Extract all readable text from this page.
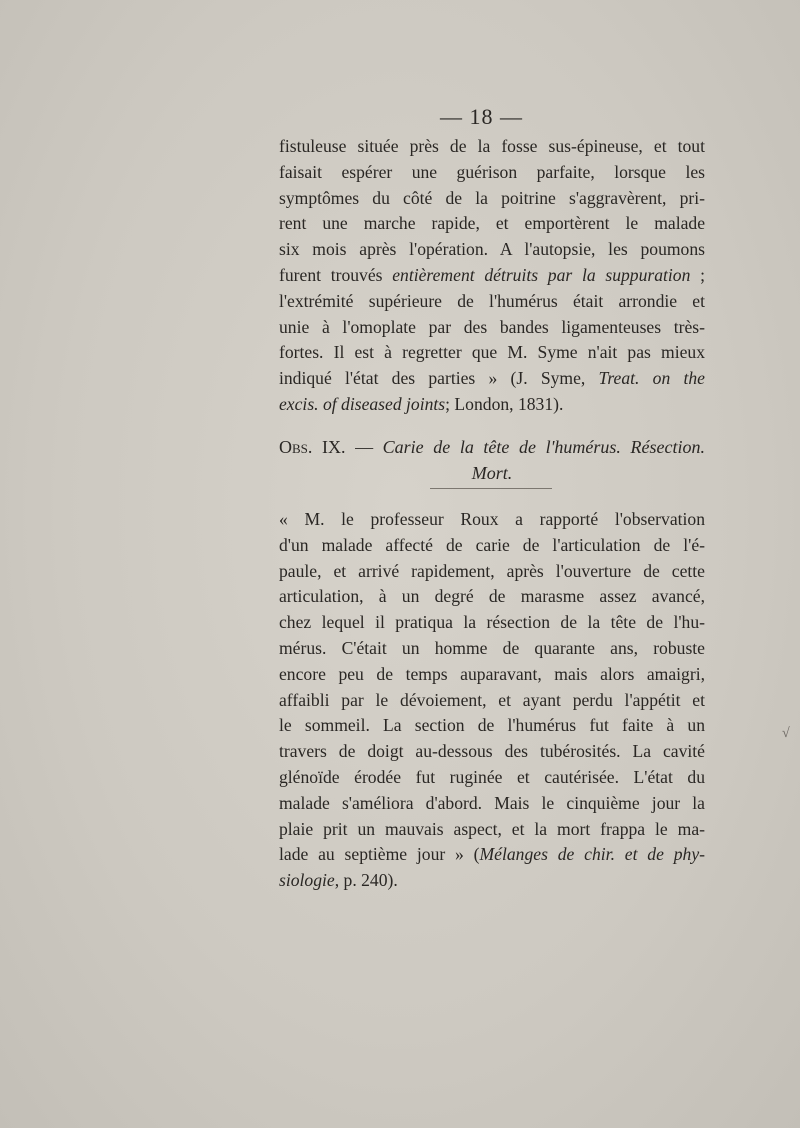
— 18 —
fistuleuse située près de la fosse sus-épineuse, et tout
faisait espérer une guérison parfaite, lorsque les
symptômes du côté de la poitrine s'aggravèrent, pri-
rent une marche rapide, et emportèrent le malade
six mois après l'opération. A l'autopsie, les poumons
furent trouvés entièrement détruits par la suppuration ;
l'extrémité supérieure de l'humérus était arrondie et
unie à l'omoplate par des bandes ligamenteuses très-
fortes. Il est à regretter que M. Syme n'ait pas mieux
indiqué l'état des parties » (J. Syme, Treat. on the
excis. of diseased joints; London, 1831).
Obs. IX. — Carie de la tête de l'humérus. Résection.
Mort.
« M. le professeur Roux a rapporté l'observation
d'un malade affecté de carie de l'articulation de l'é-
paule, et arrivé rapidement, après l'ouverture de cette
articulation, à un degré de marasme assez avancé,
chez lequel il pratiqua la résection de la tête de l'hu-
mérus. C'était un homme de quarante ans, robuste
encore peu de temps auparavant, mais alors amaigri,
affaibli par le dévoiement, et ayant perdu l'appétit et
le sommeil. La section de l'humérus fut faite à un
travers de doigt au-dessous des tubérosités. La cavité
glénoïde érodée fut ruginée et cautérisée. L'état du
malade s'améliora d'abord. Mais le cinquième jour la
plaie prit un mauvais aspect, et la mort frappa le ma-
lade au septième jour » (Mélanges de chir. et de phy-
siologie, p. 240).
√
